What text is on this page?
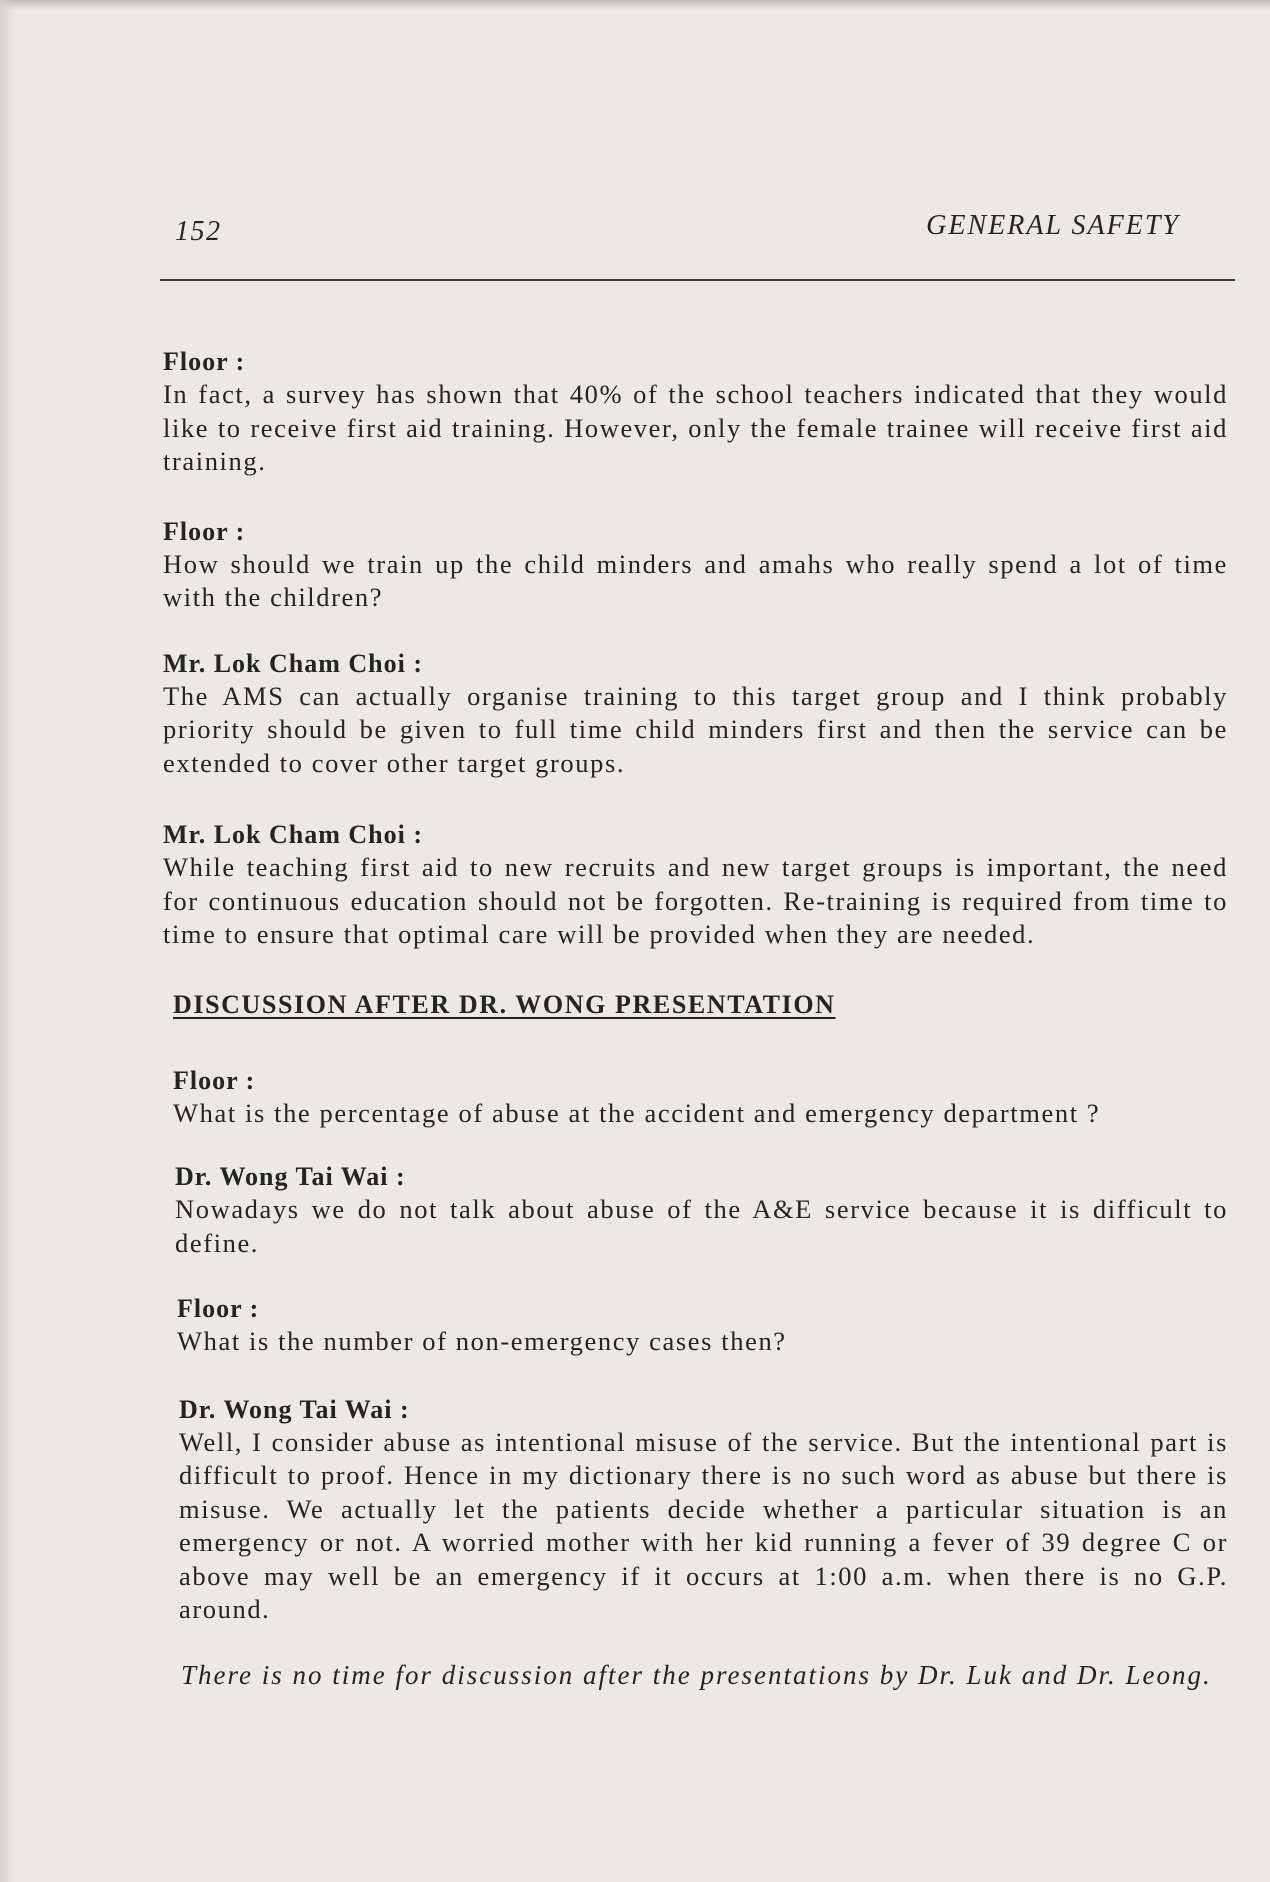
152	GENERAL SAFETY
Floor :
In fact, a survey has shown that 40% of the school teachers indicated that they would like to receive first aid training. However, only the female trainee will receive first aid training.
Floor :
How should we train up the child minders and amahs who really spend a lot of time with the children?
Mr. Lok Cham Choi :
The AMS can actually organise training to this target group and I think probably priority should be given to full time child minders first and then the service can be extended to cover other target groups.
Mr. Lok Cham Choi :
While teaching first aid to new recruits and new target groups is important, the need for continuous education should not be forgotten. Re-training is required from time to time to ensure that optimal care will be provided when they are needed.
DISCUSSION AFTER DR. WONG PRESENTATION
Floor :
What is the percentage of abuse at the accident and emergency department ?
Dr. Wong Tai Wai :
Nowadays we do not talk about abuse of the A&E service because it is difficult to define.
Floor :
What is the number of non-emergency cases then?
Dr. Wong Tai Wai :
Well, I consider abuse as intentional misuse of the service. But the intentional part is difficult to proof. Hence in my dictionary there is no such word as abuse but there is misuse. We actually let the patients decide whether a particular situation is an emergency or not. A worried mother with her kid running a fever of 39 degree C or above may well be an emergency if it occurs at 1:00 a.m. when there is no G.P. around.
There is no time for discussion after the presentations by Dr. Luk and Dr. Leong.
